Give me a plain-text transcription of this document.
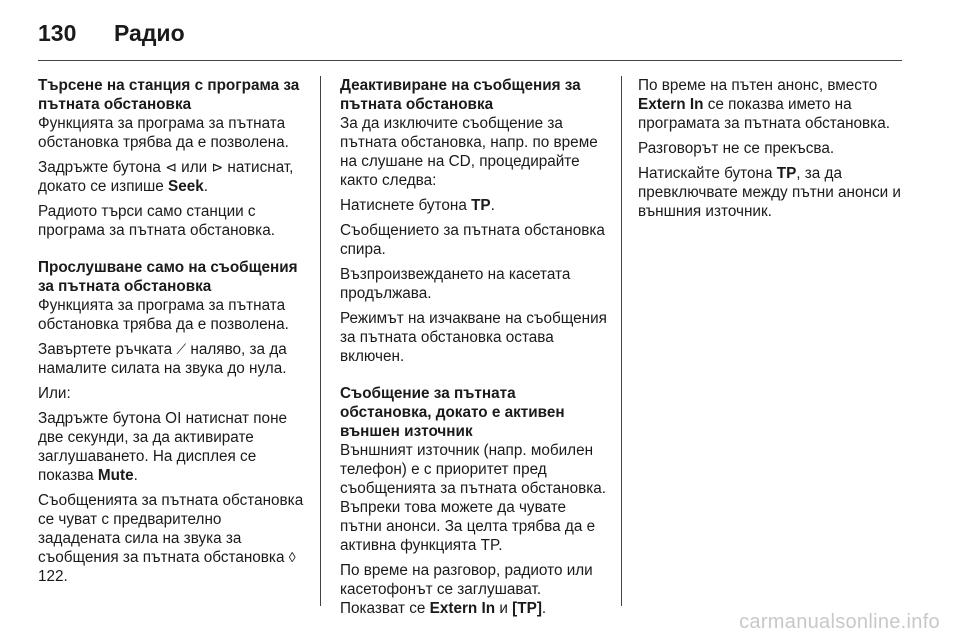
130	Радио

Търсене на станция с програма за пътната обстановка

Функцията за програма за пътната обстановка трябва да е позволена.

Задръжте бутона ⊲ или ⊳ натиснат, докато се изпише Seek.

Радиото търси само станции с програма за пътната обстановка.

Прослушване само на съобщения за пътната обстановка

Функцията за програма за пътната обстановка трябва да е позволена.

Завъртете ръчката ⟋ наляво, за да намалите силата на звука до нула.

Или:

Задръжте бутона OI натиснат поне две секунди, за да активирате заглушаването. На дисплея се показва Mute.

Съобщенията за пътната обстановка се чуват с предварително зададената сила на звука за съобщения за пътната обстановка ◊ 122.

Деактивиране на съобщения за пътната обстановка

За да изключите съобщение за пътната обстановка, напр. по време на слушане на CD, процедирайте както следва:

Натиснете бутона TP.

Съобщението за пътната обстановка спира.

Възпроизвеждането на касетата продължава.

Режимът на изчакване на съобщения за пътната обстановка остава включен.

Съобщение за пътната обстановка, докато е активен външен източник

Външният източник (напр. мобилен телефон) е с приоритет пред съобщенията за пътната обстановка. Въпреки това можете да чувате пътни анонси. За целта трябва да е активна функцията TP.

По време на разговор, радиото или касетофонът се заглушават. Показват се Extern In и [TP].

По време на пътен анонс, вместо Extern In се показва името на програмата за пътната обстановка.

Разговорът не се прекъсва.

Натискайте бутона TP, за да превключвате между пътни анонси и външния източник.

carmanualsonline.info
